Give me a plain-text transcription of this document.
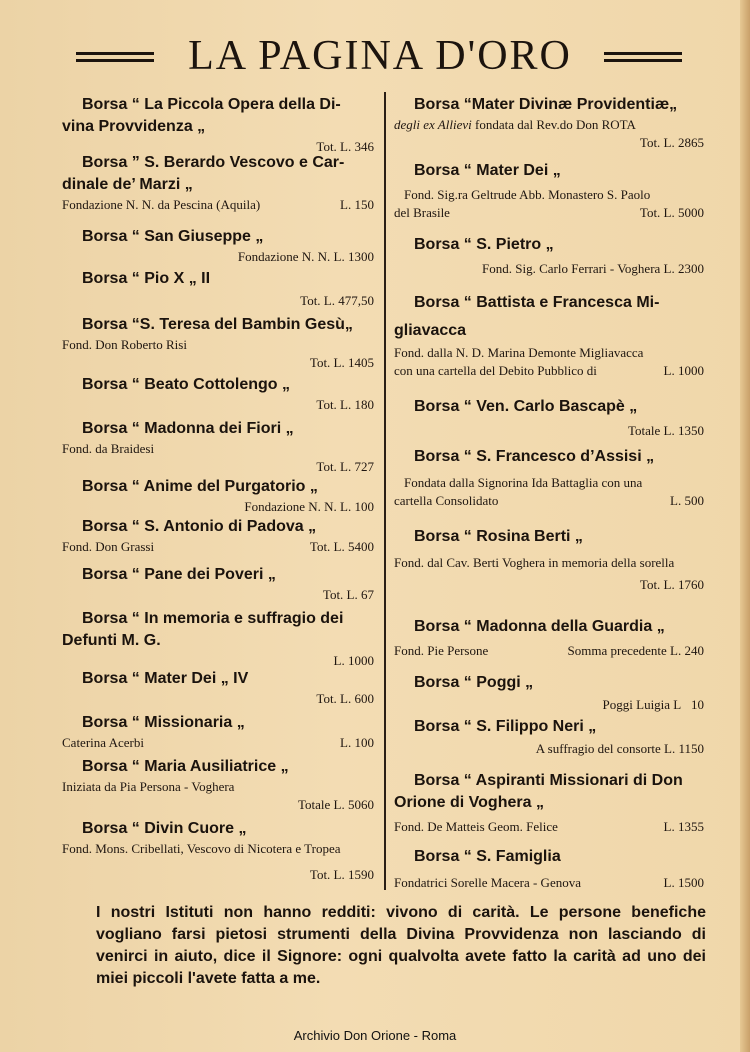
LA PAGINA D'ORO
Borsa “ La Piccola Opera della Di-
vina Provvidenza „
Tot. L. 346
Borsa ” S. Berardo Vescovo e Car-
dinale de’ Marzi „
Fondazione N. N. da Pescina (Aquila)	L. 150
Borsa “ San Giuseppe „
Fondazione N. N. L. 1300
Borsa “ Pio X „ II
Tot. L. 477,50
Borsa “S. Teresa del Bambin Gesù„
Fond. Don Roberto Risi
Tot. L. 1405
Borsa “ Beato Cottolengo „
Tot. L. 180
Borsa “ Madonna dei Fiori „
Fond. da Braidesi
Tot. L. 727
Borsa “ Anime del Purgatorio „
Fondazione N. N. L. 100
Borsa “ S. Antonio di Padova „
Fond. Don Grassi	Tot. L. 5400
Borsa “ Pane dei Poveri „
Tot. L. 67
Borsa “ In memoria e suffragio dei
Defunti M. G.
L. 1000
Borsa “ Mater Dei „ IV
Tot. L. 600
Borsa “ Missionaria „
Caterina Acerbi	L. 100
Borsa “ Maria Ausiliatrice „
Iniziata da Pia Persona - Voghera
Totale L. 5060
Borsa “ Divin Cuore „
Fond. Mons. Cribellati, Vescovo di Nicotera e Tropea
Tot. L. 1590
Borsa “Mater Divinæ Providentiæ„
degli ex Allievi fondata dal Rev.do Don ROTA
Tot. L. 2865
Borsa “ Mater Dei „
Fond. Sig.ra Geltrude Abb. Monastero S. Paolo
del Brasile	Tot. L. 5000
Borsa “ S. Pietro „
Fond. Sig. Carlo Ferrari - Voghera L. 2300
Borsa “ Battistа e Francesca Mi-
gliavacca
Fond. dalla N. D. Marina Demonte Migliavacca
con una cartella del Debito Pubblico di	L. 1000
Borsa “ Ven. Carlo Bascapè „
Totale L. 1350
Borsa “ S. Francesco d’Assisi „
Fondata dalla Signorina Ida Battaglia con una
cartella Consolidato	L. 500
Borsa “ Rosina Berti „
Fond. dal Cav. Berti Voghera in memoria della sorella
Tot. L. 1760
Borsa “ Madonna della Guardia „
Fond. Pie Persone	Somma precedente L. 240
Borsa “ Poggi „
Poggi Luigia L 10
Borsa “ S. Filippo Neri „
A suffragio del consorte L. 1150
Borsa “ Aspiranti Missionari di Don
Orione di Voghera „
Fond. De Matteis Geom. Felice	L. 1355
Borsa “ S. Famiglia
Fondatrici Sorelle Macera - Genova	L. 1500
I nostri Istituti non hanno redditi: vivono di carità. Le persone benefiche vogliano farsi pietosi strumenti della Divina Provvidenza non lasciando di venirci in aiuto, dice il Signore: ogni qualvolta avete fatto la carità ad uno dei miei piccoli l'avete fatta a me.
Archivio Don Orione - Roma
